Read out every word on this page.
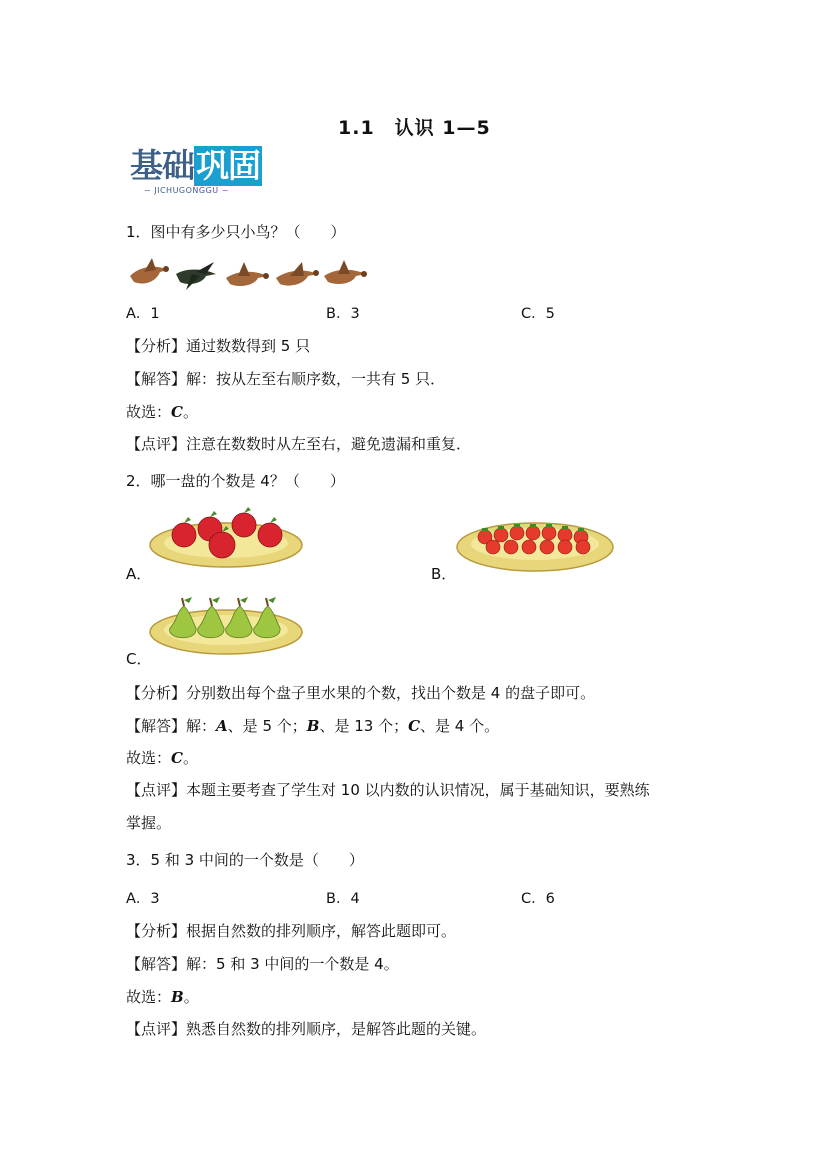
1.1　认识 1—5
基础巩固
~ JICHUGONGGU ~
1．图中有多少只小鸟？（　　）
A．1	B．3	C．5
【分析】通过数数得到 5 只
【解答】解：按从左至右顺序数，一共有 5 只．
故选：C。
【点评】注意在数数时从左至右，避免遗漏和重复．
2．哪一盘的个数是 4？（　　）
A．	B．
C．
【分析】分别数出每个盘子里水果的个数，找出个数是 4 的盘子即可。
【解答】解：A、是 5 个；B、是 13 个；C、是 4 个。
故选：C。
【点评】本题主要考查了学生对 10 以内数的认识情况，属于基础知识，要熟练
掌握。
3．5 和 3 中间的一个数是（　　）
A．3	B．4	C．6
【分析】根据自然数的排列顺序，解答此题即可。
【解答】解：5 和 3 中间的一个数是 4。
故选：B。
【点评】熟悉自然数的排列顺序，是解答此题的关键。
